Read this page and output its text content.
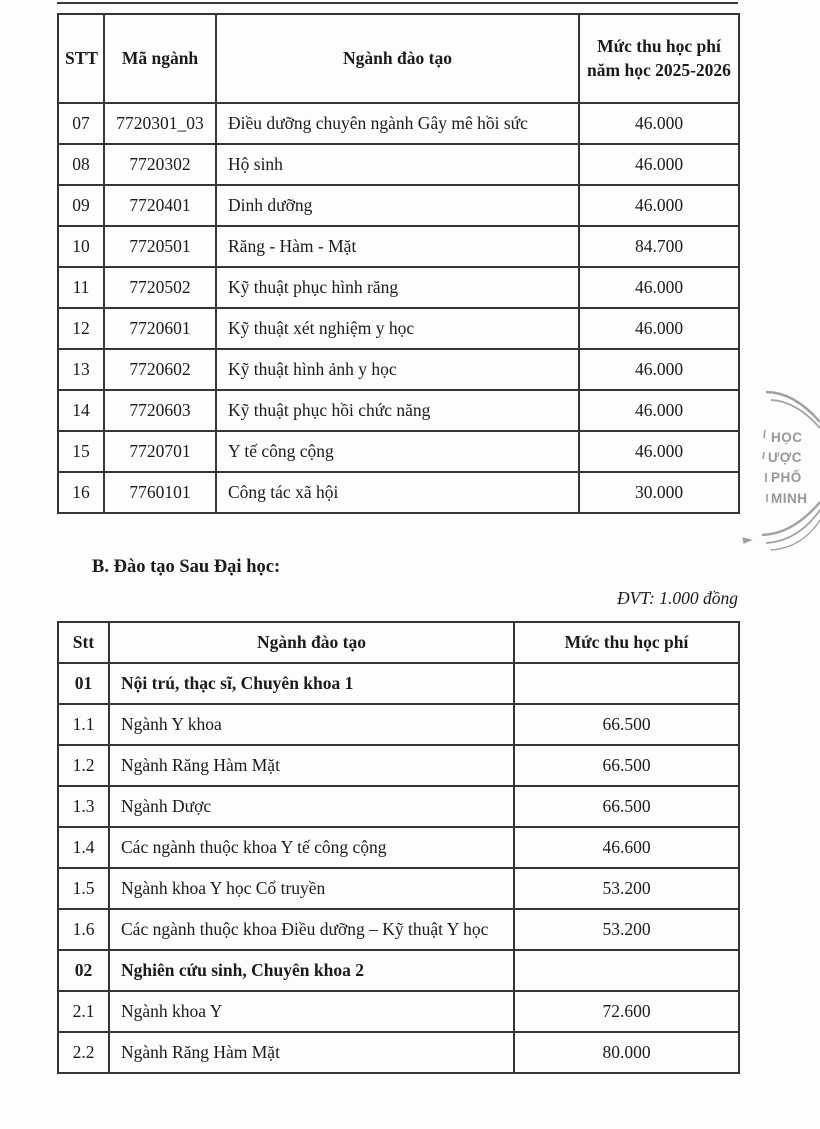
STT	Mã ngành	Ngành đào tạo	Mức thu học phí năm học 2025-2026
07	7720301_03	Điều dưỡng chuyên ngành Gây mê hồi sức	46.000
08	7720302	Hộ sinh	46.000
09	7720401	Dinh dưỡng	46.000
10	7720501	Răng - Hàm - Mặt	84.700
11	7720502	Kỹ thuật phục hình răng	46.000
12	7720601	Kỹ thuật xét nghiệm y học	46.000
13	7720602	Kỹ thuật hình ảnh y học	46.000
14	7720603	Kỹ thuật phục hồi chức năng	46.000
15	7720701	Y tế công cộng	46.000
16	7760101	Công tác xã hội	30.000
B. Đào tạo Sau Đại học:
ĐVT: 1.000 đồng
Stt	Ngành đào tạo	Mức thu học phí
01	Nội trú, thạc sĩ, Chuyên khoa 1	
1.1	Ngành Y khoa	66.500
1.2	Ngành Răng Hàm Mặt	66.500
1.3	Ngành Dược	66.500
1.4	Các ngành thuộc khoa Y tế công cộng	46.600
1.5	Ngành khoa Y học Cổ truyền	53.200
1.6	Các ngành thuộc khoa Điều dưỡng – Kỹ thuật Y học	53.200
02	Nghiên cứu sinh, Chuyên khoa 2	
2.1	Ngành khoa Y	72.600
2.2	Ngành Răng Hàm Mặt	80.000
HỌC
ƯỢC
PHỐ
MINH
